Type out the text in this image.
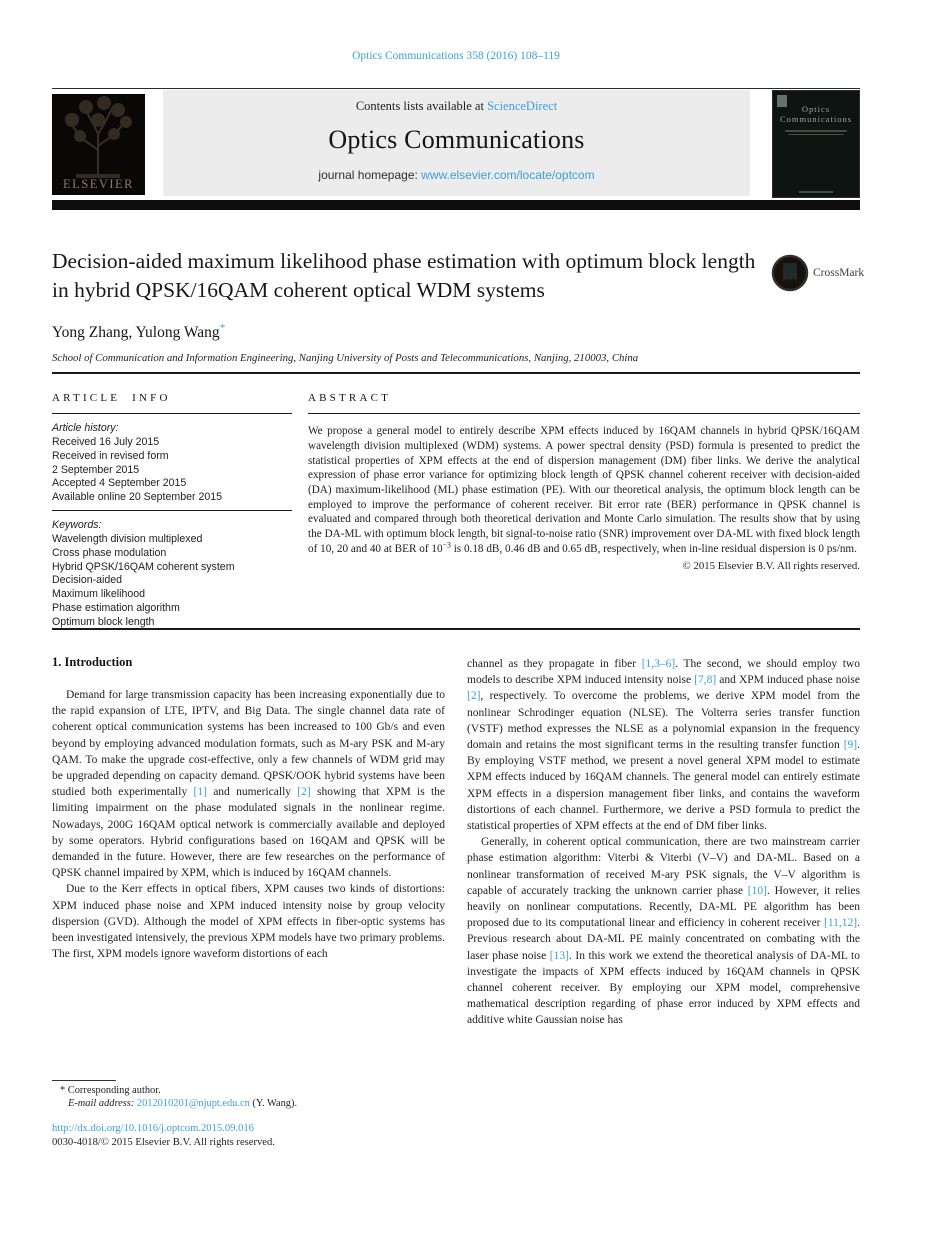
Optics Communications 358 (2016) 108–119
ELSEVIER
Contents lists available at ScienceDirect
Optics Communications
journal homepage: www.elsevier.com/locate/optcom
Optics
Communications
Decision-aided maximum likelihood phase estimation with optimum block length in hybrid QPSK/16QAM coherent optical WDM systems
CrossMark
Yong Zhang, Yulong Wang*
School of Communication and Information Engineering, Nanjing University of Posts and Telecommunications, Nanjing, 210003, China
ARTICLE INFO
Article history:
Received 16 July 2015
Received in revised form
2 September 2015
Accepted 4 September 2015
Available online 20 September 2015
Keywords:
Wavelength division multiplexed
Cross phase modulation
Hybrid QPSK/16QAM coherent system
Decision-aided
Maximum likelihood
Phase estimation algorithm
Optimum block length
ABSTRACT
We propose a general model to entirely describe XPM effects induced by 16QAM channels in hybrid QPSK/16QAM wavelength division multiplexed (WDM) systems. A power spectral density (PSD) formula is presented to predict the statistical properties of XPM effects at the end of dispersion management (DM) fiber links. We derive the analytical expression of phase error variance for optimizing block length of QPSK channel coherent receiver with decision-aided (DA) maximum-likelihood (ML) phase estimation (PE). With our theoretical analysis, the optimum block length can be employed to improve the performance of coherent receiver. Bit error rate (BER) performance in QPSK channel is evaluated and compared through both theoretical derivation and Monte Carlo simulation. The results show that by using the DA-ML with optimum block length, bit signal-to-noise ratio (SNR) improvement over DA-ML with fixed block length of 10, 20 and 40 at BER of $10^{-3}$ is 0.18 dB, 0.46 dB and 0.65 dB, respectively, when in-line residual dispersion is 0 ps/nm.
© 2015 Elsevier B.V. All rights reserved.
1. Introduction

Demand for large transmission capacity has been increasing exponentially due to the rapid expansion of LTE, IPTV, and Big Data. The single channel data rate of coherent optical communication systems has been increased to 100 Gb/s and even beyond by employing advanced modulation formats, such as M-ary PSK and M-ary QAM. To make the upgrade cost-effective, only a few channels of WDM grid may be upgraded depending on capacity demand. QPSK/OOK hybrid systems have been studied both experimentally [1] and numerically [2] showing that XPM is the limiting impairment on the phase modulated signals in the nonlinear regime. Nowadays, 200G 16QAM optical network is commercially available and deployed by some operators. Hybrid configurations based on 16QAM and QPSK will be demanded in the future. However, there are few researches on the performance of QPSK channel impaired by XPM, which is induced by 16QAM channels.

Due to the Kerr effects in optical fibers, XPM causes two kinds of distortions: XPM induced phase noise and XPM induced intensity noise by group velocity dispersion (GVD). Although the model of XPM effects in fiber-optic systems has been investigated intensively, the previous XPM models have two primary problems. The first, XPM models ignore waveform distortions of each

channel as they propagate in fiber [1,3–6]. The second, we should employ two models to describe XPM induced intensity noise [7,8] and XPM induced phase noise [2], respectively. To overcome the problems, we derive XPM model from the nonlinear Schrodinger equation (NLSE). The Volterra series transfer function (VSTF) method expresses the NLSE as a polynomial expansion in the frequency domain and retains the most significant terms in the resulting transfer function [9]. By employing VSTF method, we present a novel general XPM model to estimate XPM effects induced by 16QAM channels. The general model can entirely estimate XPM effects in a dispersion management fiber links, and contains the waveform distortions of each channel. Furthermore, we derive a PSD formula to predict the statistical properties of XPM effects at the end of DM fiber links.

Generally, in coherent optical communication, there are two mainstream carrier phase estimation algorithm: Viterbi & Viterbi (V–V) and DA-ML. Based on a nonlinear transformation of received M-ary PSK signals, the V–V algorithm is capable of accurately tracking the unknown carrier phase [10]. However, it relies heavily on nonlinear computations. Recently, DA-ML PE algorithm has been proposed due to its computational linear and efficiency in coherent receiver [11,12]. Previous research about DA-ML PE mainly concentrated on combating with the laser phase noise [13]. In this work we extend the theoretical analysis of DA-ML to investigate the impacts of XPM effects induced by 16QAM channels in QPSK channel coherent receiver. By employing our XPM model, comprehensive mathematical description regarding of phase error induced by XPM effects and additive white Gaussian noise has

* Corresponding author.
E-mail address: 2012010201@njupt.edu.cn (Y. Wang).
http://dx.doi.org/10.1016/j.optcom.2015.09.016
0030-4018/© 2015 Elsevier B.V. All rights reserved.
